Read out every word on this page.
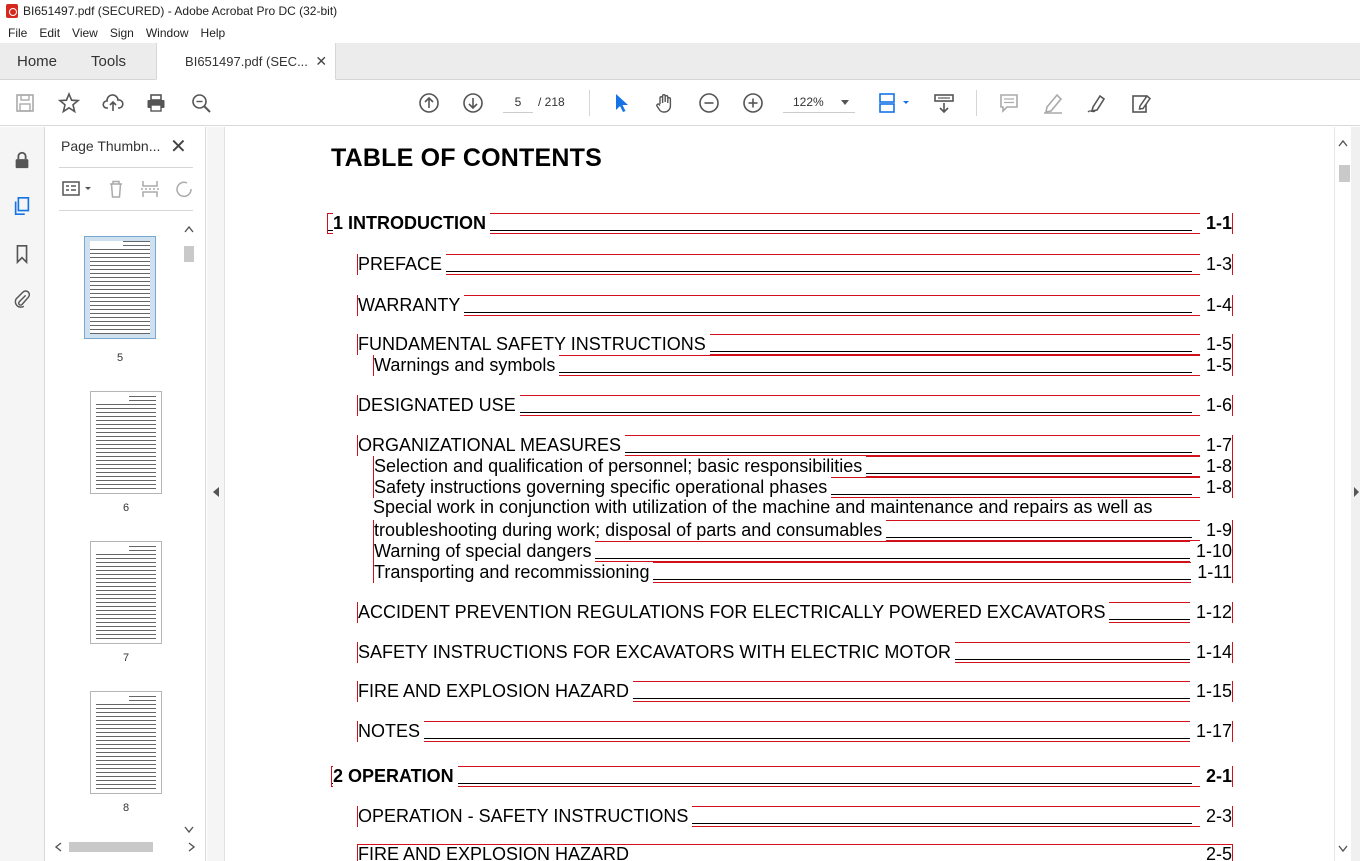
BI651497.pdf (SECURED) - Adobe Acrobat Pro DC (32-bit)
File	Edit	View	Sign	Window	Help
Home Tools	BI651497.pdf (SEC... ✕
5	/ 218	122%
Page Thumbn... ✕
5
6
7
8
TABLE OF CONTENTS
1 INTRODUCTION	1-1
PREFACE	1-3
WARRANTY	1-4
FUNDAMENTAL SAFETY INSTRUCTIONS	1-5
Warnings and symbols	1-5
DESIGNATED USE	1-6
ORGANIZATIONAL MEASURES	1-7
Selection and qualification of personnel; basic responsibilities	1-8
Safety instructions governing specific operational phases	1-8
Special work in conjunction with utilization of the machine and maintenance and repairs as well as
troubleshooting during work; disposal of parts and consumables	1-9
Warning of special dangers	1-10
Transporting and recommissioning	1-11
ACCIDENT PREVENTION REGULATIONS FOR ELECTRICALLY POWERED EXCAVATORS	1-12
SAFETY INSTRUCTIONS FOR EXCAVATORS WITH ELECTRIC MOTOR	1-14
FIRE AND EXPLOSION HAZARD	1-15
NOTES	1-17
2 OPERATION	2-1
OPERATION - SAFETY INSTRUCTIONS	2-3
FIRE AND EXPLOSION HAZARD	2-5
